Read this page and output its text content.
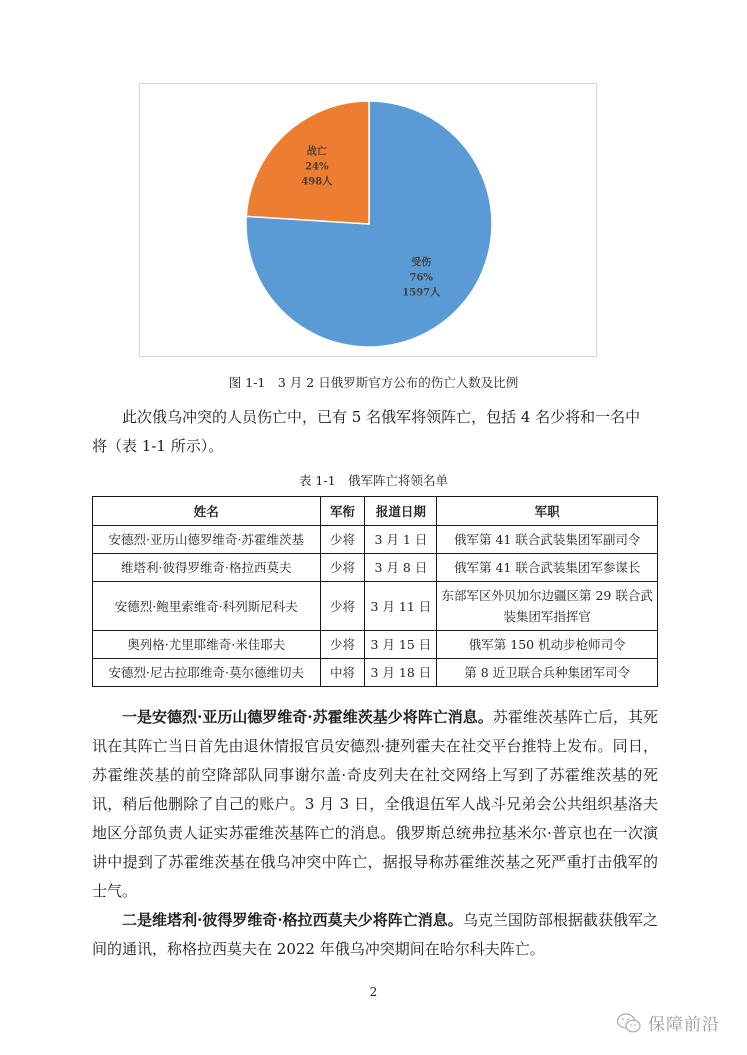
受伤
76%
1597人
战亡
24%
498人
图 1-1　3 月 2 日俄罗斯官方公布的伤亡人数及比例
此次俄乌冲突的人员伤亡中，已有 5 名俄军将领阵亡，包括 4 名少将和一名中
将（表 1-1 所示）。
表 1-1　俄军阵亡将领名单
姓名	军衔	报道日期	军职
安德烈·亚历山德罗维奇·苏霍维茨基	少将	3 月 1 日	俄军第 41 联合武装集团军副司令
维塔利·彼得罗维奇·格拉西莫夫	少将	3 月 8 日	俄军第 41 联合武装集团军参谋长
安德烈·鲍里索维奇·科列斯尼科夫	少将	3 月 11 日	东部军区外贝加尔边疆区第 29 联合武装集团军指挥官
奥列格·尤里耶维奇·米佳耶夫	少将	3 月 15 日	俄军第 150 机动步枪师司令
安德烈·尼古拉耶维奇·莫尔德维切夫	中将	3 月 18 日	第 8 近卫联合兵种集团军司令
一是安德烈·亚历山德罗维奇·苏霍维茨基少将阵亡消息。苏霍维茨基阵亡后，其死讯在其阵亡当日首先由退休情报官员安德烈·捷列霍夫在社交平台推特上发布。同日，苏霍维茨基的前空降部队同事谢尔盖·奇皮列夫在社交网络上写到了苏霍维茨基的死讯，稍后他删除了自己的账户。3 月 3 日，全俄退伍军人战斗兄弟会公共组织基洛夫地区分部负责人证实苏霍维茨基阵亡的消息。俄罗斯总统弗拉基米尔·普京也在一次演讲中提到了苏霍维茨基在俄乌冲突中阵亡，据报导称苏霍维茨基之死严重打击俄军的士气。
二是维塔利·彼得罗维奇·格拉西莫夫少将阵亡消息。乌克兰国防部根据截获俄军之间的通讯，称格拉西莫夫在 2022 年俄乌冲突期间在哈尔科夫阵亡。
2
保障前沿
